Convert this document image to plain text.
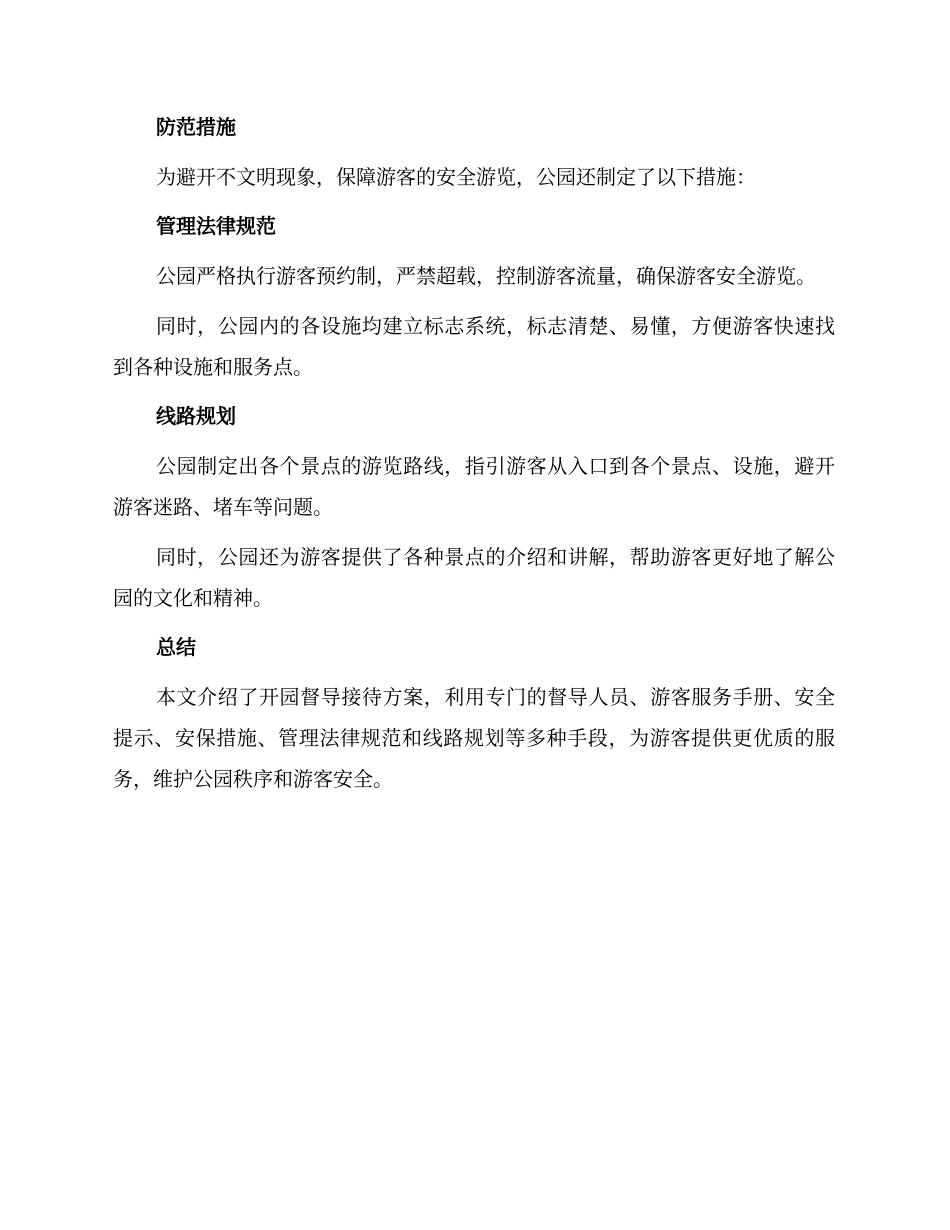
防范措施

为避开不文明现象，保障游客的安全游览，公园还制定了以下措施：

管理法律规范

公园严格执行游客预约制，严禁超载，控制游客流量，确保游客安全游览。

同时，公园内的各设施均建立标志系统，标志清楚、易懂，方便游客快速找到各种设施和服务点。

线路规划

公园制定出各个景点的游览路线，指引游客从入口到各个景点、设施，避开游客迷路、堵车等问题。

同时，公园还为游客提供了各种景点的介绍和讲解，帮助游客更好地了解公园的文化和精神。

总结

本文介绍了开园督导接待方案，利用专门的督导人员、游客服务手册、安全提示、安保措施、管理法律规范和线路规划等多种手段，为游客提供更优质的服务，维护公园秩序和游客安全。
